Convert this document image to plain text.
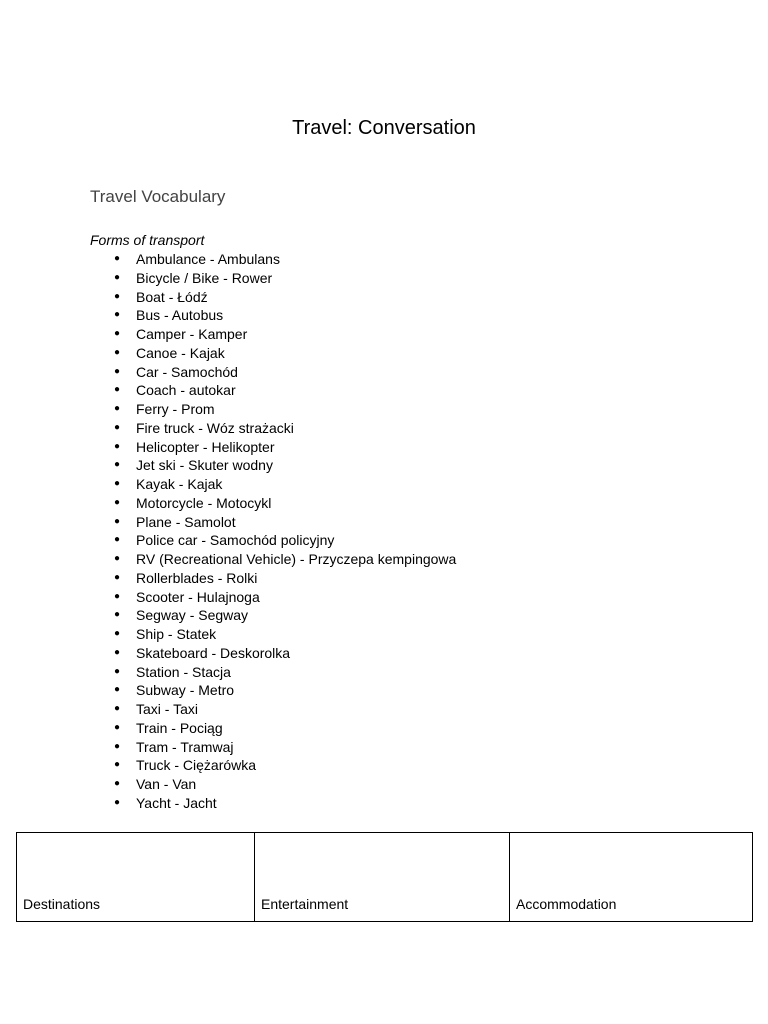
Travel: Conversation
Travel Vocabulary
Forms of transport
● Ambulance - Ambulans
● Bicycle / Bike - Rower
● Boat - Łódź
● Bus - Autobus
● Camper - Kamper
● Canoe - Kajak
● Car - Samochód
● Coach - autokar
● Ferry - Prom
● Fire truck - Wóz strażacki
● Helicopter - Helikopter
● Jet ski - Skuter wodny
● Kayak - Kajak
● Motorcycle - Motocykl
● Plane - Samolot
● Police car - Samochód policyjny
● RV (Recreational Vehicle) - Przyczepa kempingowa
● Rollerblades - Rolki
● Scooter - Hulajnoga
● Segway - Segway
● Ship - Statek
● Skateboard - Deskorolka
● Station - Stacja
● Subway - Metro
● Taxi - Taxi
● Train - Pociąg
● Tram - Tramwaj
● Truck - Ciężarówka
● Van - Van
● Yacht - Jacht
Destinations	Entertainment	Accommodation
